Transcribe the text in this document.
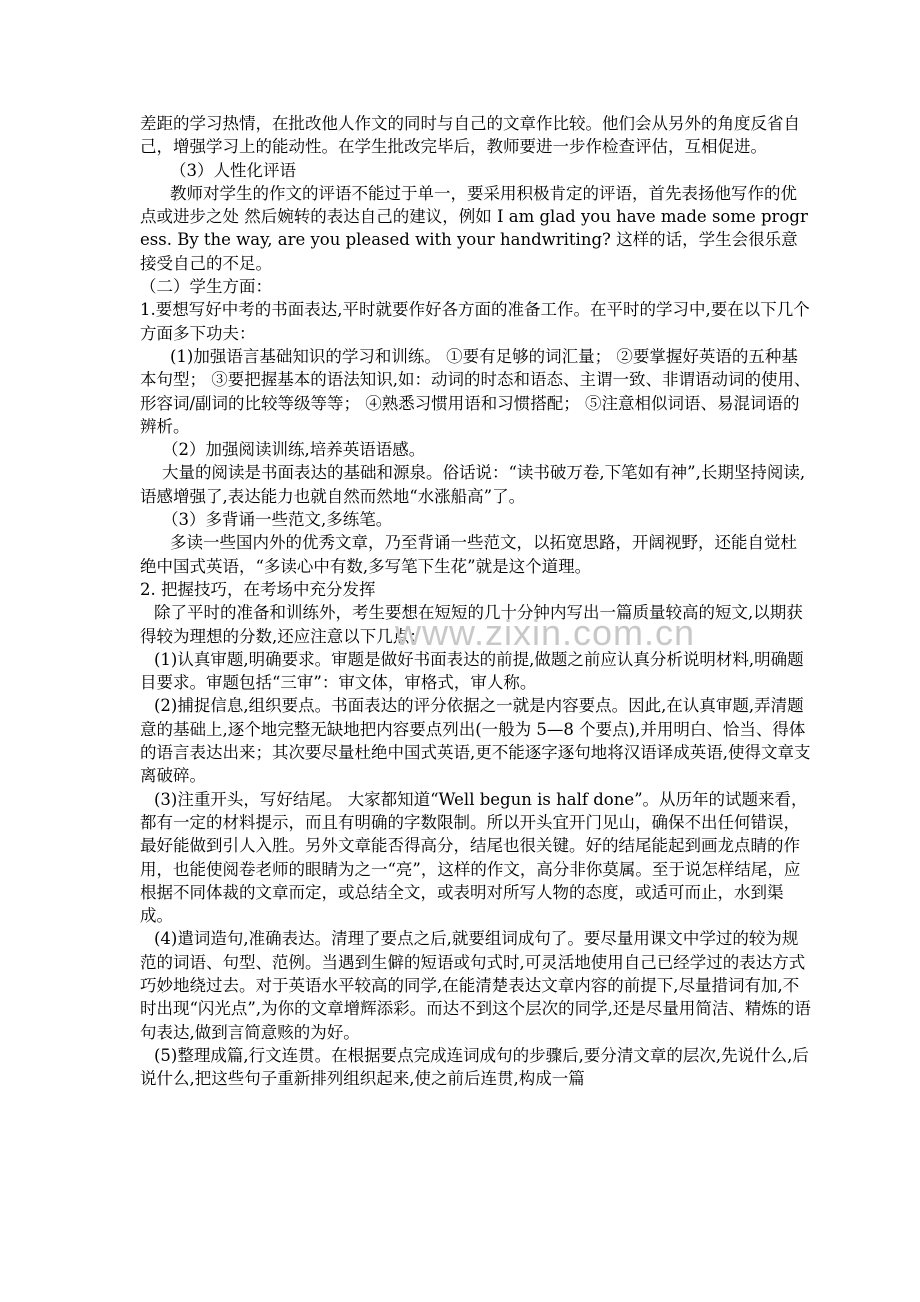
差距的学习热情，在批改他人作文的同时与自己的文章作比较。他们会从另外的角度反省自己，增强学习上的能动性。在学生批改完毕后，教师要进一步作检查评估，互相促进。

（3）人性化评语

教师对学生的作文的评语不能过于单一，要采用积极肯定的评语，首先表扬他写作的优点或进步之处 然后婉转的表达自己的建议，例如 I am glad you have made some progress. By the way, are you pleased with your handwriting? 这样的话，学生会很乐意接受自己的不足。

（二）学生方面：

1.要想写好中考的书面表达,平时就要作好各方面的准备工作。在平时的学习中,要在以下几个方面多下功夫：

(1)加强语言基础知识的学习和训练。 ①要有足够的词汇量； ②要掌握好英语的五种基本句型； ③要把握基本的语法知识,如：动词的时态和语态、主谓一致、非谓语动词的使用、形容词/副词的比较等级等等； ④熟悉习惯用语和习惯搭配； ⑤注意相似词语、易混词语的辨析。

（2）加强阅读训练,培养英语语感。

大量的阅读是书面表达的基础和源泉。俗话说：“读书破万卷,下笔如有神”,长期坚持阅读,语感增强了,表达能力也就自然而然地“水涨船高”了。

（3）多背诵一些范文,多练笔。

多读一些国内外的优秀文章，乃至背诵一些范文，以拓宽思路，开阔视野，还能自觉杜绝中国式英语，“多读心中有数,多写笔下生花”就是这个道理。

2. 把握技巧，在考场中充分发挥

除了平时的准备和训练外，考生要想在短短的几十分钟内写出一篇质量较高的短文,以期获得较为理想的分数,还应注意以下几点：

(1)认真审题,明确要求。审题是做好书面表达的前提,做题之前应认真分析说明材料,明确题目要求。审题包括“三审”：审文体，审格式，审人称。

(2)捕捉信息,组织要点。书面表达的评分依据之一就是内容要点。因此,在认真审题,弄清题意的基础上,逐个地完整无缺地把内容要点列出(一般为 5—8 个要点),并用明白、恰当、得体的语言表达出来；其次要尽量杜绝中国式英语,更不能逐字逐句地将汉语译成英语,使得文章支离破碎。

(3)注重开头，写好结尾。 大家都知道“Well begun is half done”。从历年的试题来看，都有一定的材料提示，而且有明确的字数限制。所以开头宜开门见山，确保不出任何错误，最好能做到引人入胜。另外文章能否得高分，结尾也很关键。好的结尾能起到画龙点睛的作用，也能使阅卷老师的眼睛为之一“亮”，这样的作文，高分非你莫属。至于说怎样结尾，应根据不同体裁的文章而定，或总结全文，或表明对所写人物的态度，或适可而止，水到渠成。

(4)遣词造句,准确表达。清理了要点之后,就要组词成句了。要尽量用课文中学过的较为规范的词语、句型、范例。当遇到生僻的短语或句式时,可灵活地使用自己已经学过的表达方式巧妙地绕过去。对于英语水平较高的同学,在能清楚表达文章内容的前提下,尽量措词有加,不时出现“闪光点”,为你的文章增辉添彩。而达不到这个层次的同学,还是尽量用简洁、精炼的语句表达,做到言简意赅的为好。

(5)整理成篇,行文连贯。在根据要点完成连词成句的步骤后,要分清文章的层次,先说什么,后说什么,把这些句子重新排列组织起来,使之前后连贯,构成一篇

www.zixin.com.cn
